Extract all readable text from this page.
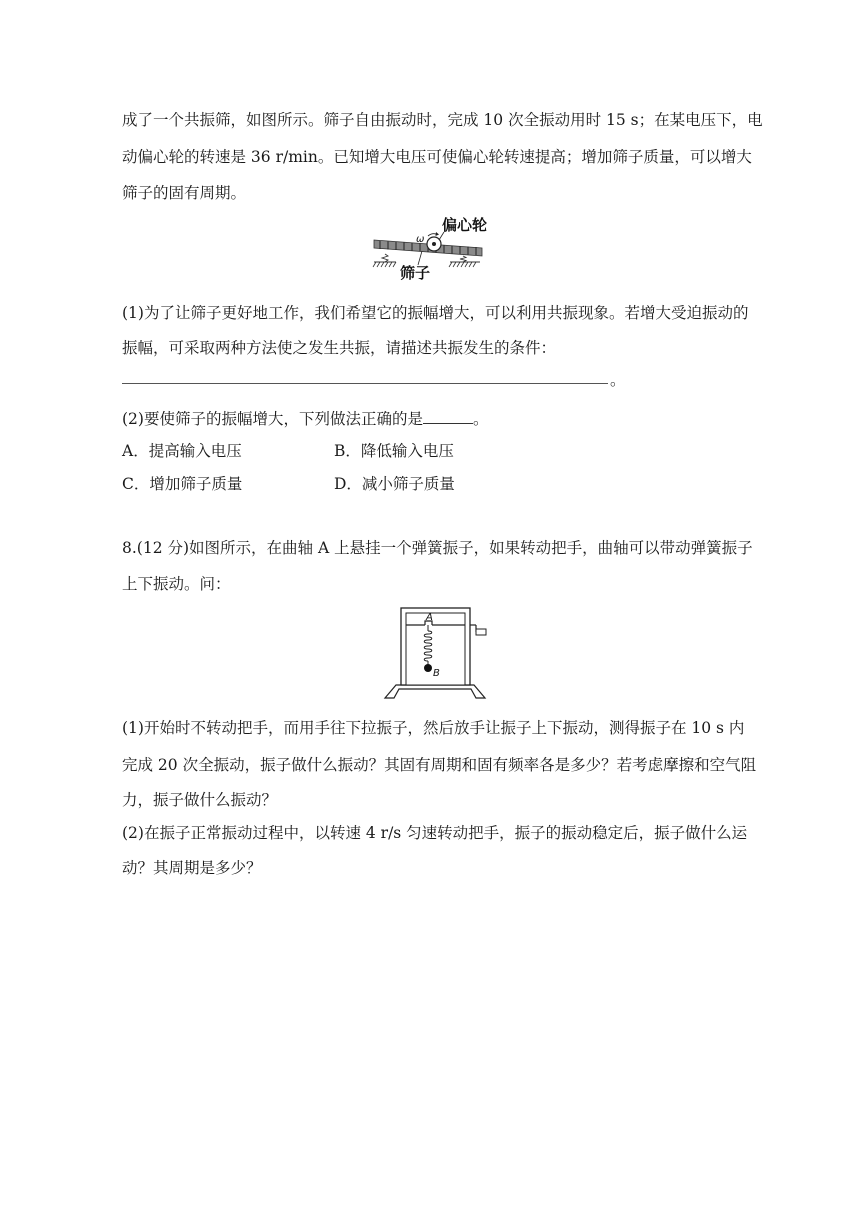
成了一个共振筛，如图所示。筛子自由振动时，完成 10 次全振动用时 15 s；在某电压下，电
动偏心轮的转速是 36 r/min。已知增大电压可使偏心轮转速提高；增加筛子质量，可以增大
筛子的固有周期。
偏心轮
筛子
ω
(1)为了让筛子更好地工作，我们希望它的振幅增大，可以利用共振现象。若增大受迫振动的
振幅，可采取两种方法使之发生共振，请描述共振发生的条件：
。
(2)要使筛子的振幅增大，下列做法正确的是	。
A．提高输入电压	B．降低输入电压
C．增加筛子质量	D．减小筛子质量
8.(12 分)如图所示，在曲轴 A 上悬挂一个弹簧振子，如果转动把手，曲轴可以带动弹簧振子
上下振动。问：
A
B
(1)开始时不转动把手，而用手往下拉振子，然后放手让振子上下振动，测得振子在 10 s 内
完成 20 次全振动，振子做什么振动？其固有周期和固有频率各是多少？若考虑摩擦和空气阻
力，振子做什么振动？
(2)在振子正常振动过程中，以转速 4 r/s 匀速转动把手，振子的振动稳定后，振子做什么运
动？其周期是多少？
